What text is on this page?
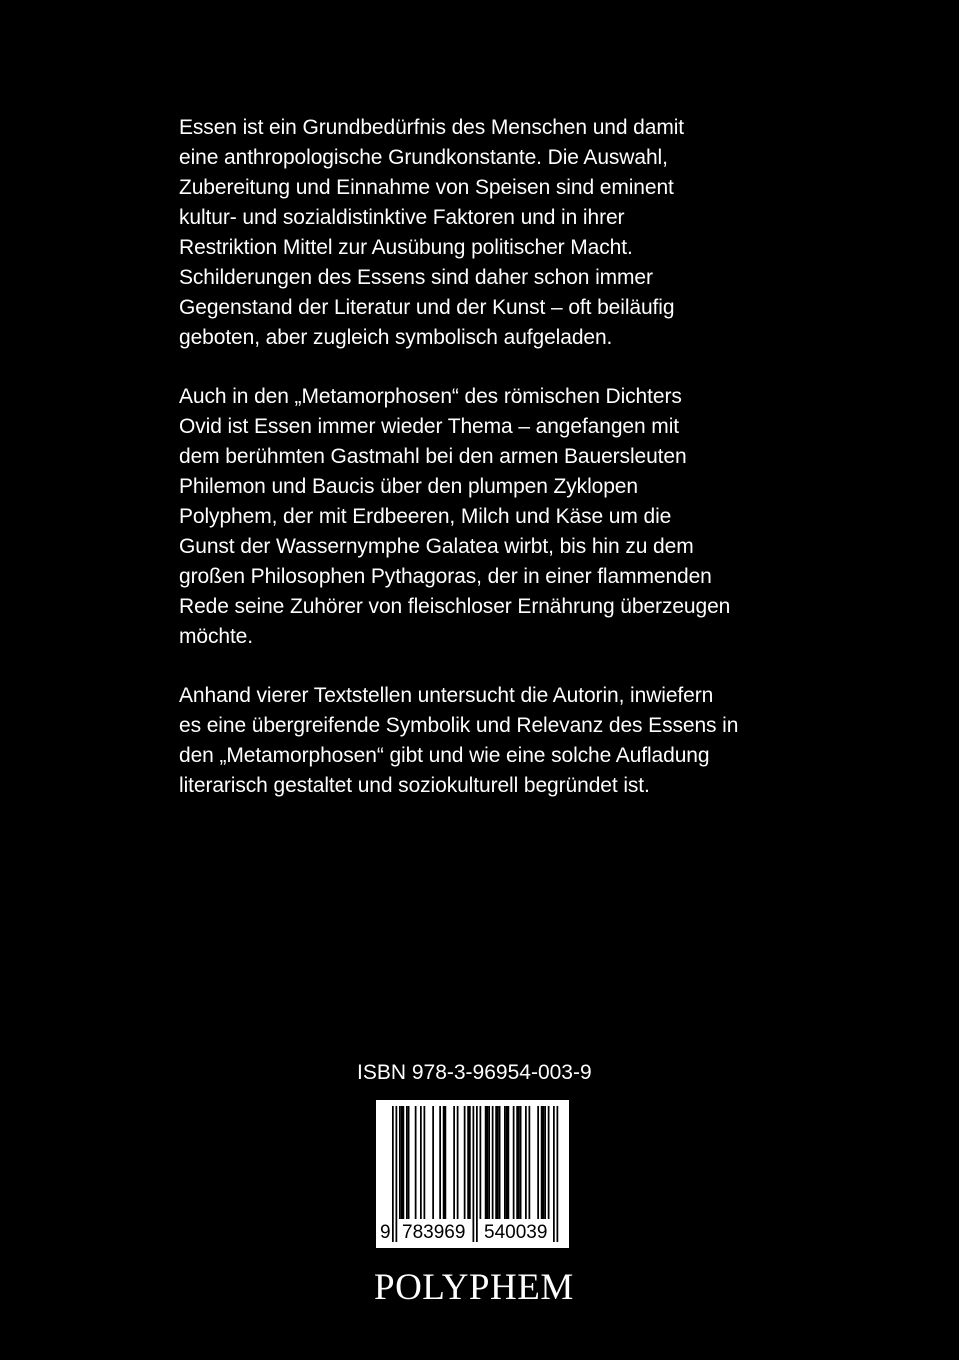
Essen ist ein Grundbedürfnis des Menschen und damit
eine anthropologische Grundkonstante. Die Auswahl,
Zubereitung und Einnahme von Speisen sind eminent
kultur- und sozialdistinktive Faktoren und in ihrer
Restriktion Mittel zur Ausübung politischer Macht.
Schilderungen des Essens sind daher schon immer
Gegenstand der Literatur und der Kunst – oft beiläufig
geboten, aber zugleich symbolisch aufgeladen.

Auch in den „Metamorphosen“ des römischen Dichters
Ovid ist Essen immer wieder Thema – angefangen mit
dem berühmten Gastmahl bei den armen Bauersleuten
Philemon und Baucis über den plumpen Zyklopen
Polyphem, der mit Erdbeeren, Milch und Käse um die
Gunst der Wassernymphe Galatea wirbt, bis hin zu dem
großen Philosophen Pythagoras, der in einer flammenden
Rede seine Zuhörer von fleischloser Ernährung überzeugen
möchte.

Anhand vierer Textstellen untersucht die Autorin, inwiefern
es eine übergreifende Symbolik und Relevanz des Essens in
den „Metamorphosen“ gibt und wie eine solche Aufladung
literarisch gestaltet und soziokulturell begründet ist.

ISBN 978-3-96954-003-9
9 783969 540039
POLYPHEM
